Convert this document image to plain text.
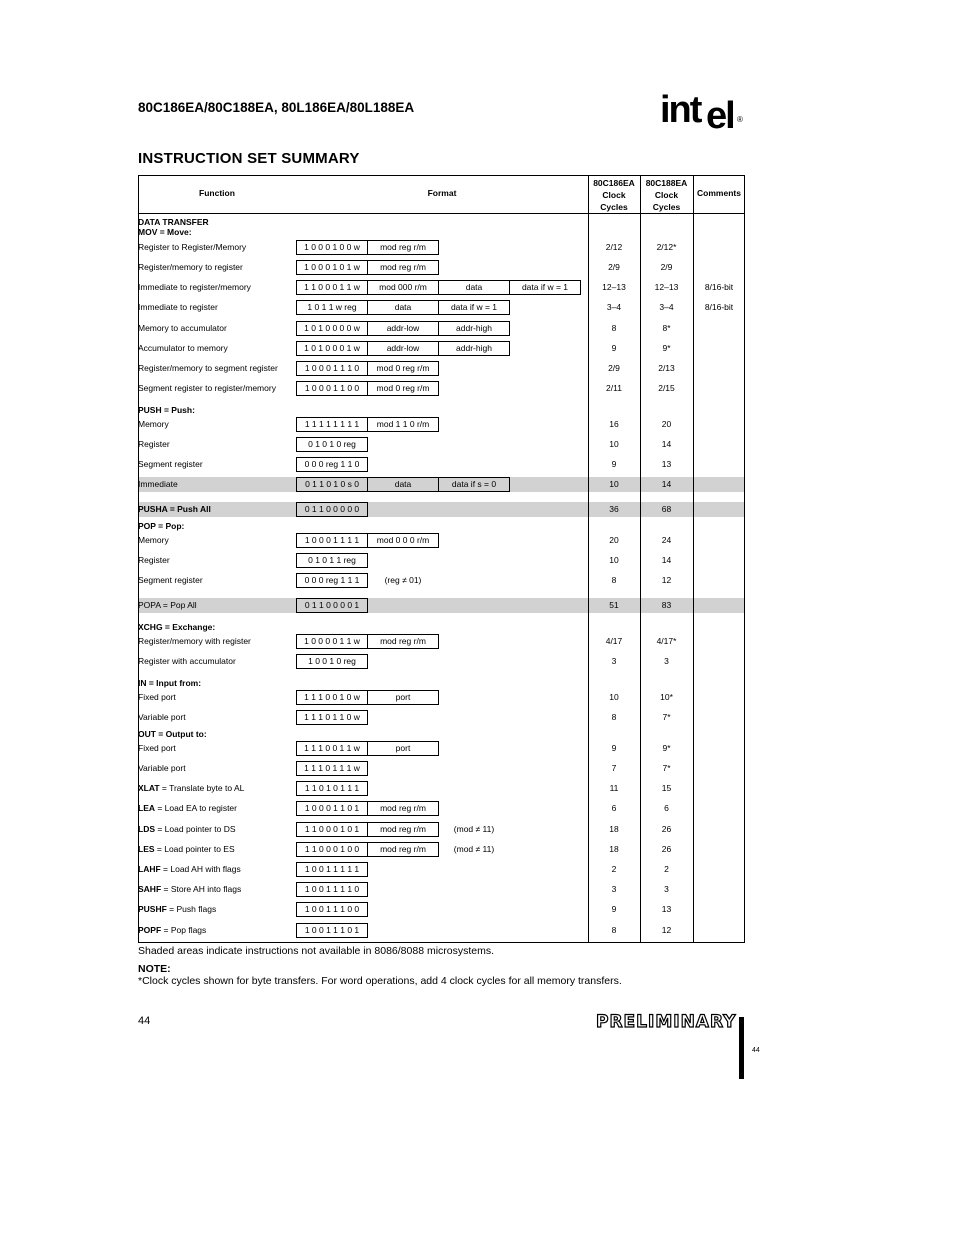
80C186EA/80C188EA, 80L186EA/80L188EA	int el ®
INSTRUCTION SET SUMMARY
Function	Format
80C186EA
Clock
Cycles
80C188EA
Clock
Cycles
Comments
DATA TRANSFER
MOV = Move:
PUSH = Push:
POP = Pop:
XCHG = Exchange:
IN = Input from:
OUT = Output to:
Register to Register/Memory	1 0 0 0 1 0 0 w	mod reg r/m	2/12	2/12*
Register/memory to register	1 0 0 0 1 0 1 w	mod reg r/m	2/9	2/9
Immediate to register/memory	1 1 0 0 0 1 1 w	mod 000 r/m	data	data if w = 1	12–13	12–13	8/16-bit
Immediate to register	1 0 1 1 w reg	data	data if w = 1	3–4	3–4	8/16-bit
Memory to accumulator	1 0 1 0 0 0 0 w	addr-low	addr-high	8	8*
Accumulator to memory	1 0 1 0 0 0 1 w	addr-low	addr-high	9	9*
Register/memory to segment register	1 0 0 0 1 1 1 0	mod 0 reg r/m	2/9	2/13
Segment register to register/memory	1 0 0 0 1 1 0 0	mod 0 reg r/m	2/11	2/15
Memory	1 1 1 1 1 1 1 1	mod 1 1 0 r/m	16	20
Register	0 1 0 1 0 reg	10	14
Segment register	0 0 0 reg 1 1 0	9	13
Immediate	0 1 1 0 1 0 s 0	data	data if s = 0	10	14
PUSHA = Push All	0 1 1 0 0 0 0 0	36	68
Memory	1 0 0 0 1 1 1 1	mod 0 0 0 r/m	20	24
Register	0 1 0 1 1 reg	10	14
Segment register	0 0 0 reg 1 1 1	(reg ≠ 01)	8	12
POPA = Pop All	0 1 1 0 0 0 0 1	51	83
Register/memory with register	1 0 0 0 0 1 1 w	mod reg r/m	4/17	4/17*
Register with accumulator	1 0 0 1 0 reg	3	3
Fixed port	1 1 1 0 0 1 0 w	port	10	10*
Variable port	1 1 1 0 1 1 0 w	8	7*
Fixed port	1 1 1 0 0 1 1 w	port	9	9*
Variable port	1 1 1 0 1 1 1 w	7	7*
XLAT = Translate byte to AL	1 1 0 1 0 1 1 1	11	15
LEA = Load EA to register	1 0 0 0 1 1 0 1	mod reg r/m	6	6
LDS = Load pointer to DS	1 1 0 0 0 1 0 1	mod reg r/m	(mod ≠ 11)	18	26
LES = Load pointer to ES	1 1 0 0 0 1 0 0	mod reg r/m	(mod ≠ 11)	18	26
LAHF = Load AH with flags	1 0 0 1 1 1 1 1	2	2
SAHF = Store AH into flags	1 0 0 1 1 1 1 0	3	3
PUSHF = Push flags	1 0 0 1 1 1 0 0	9	13
POPF = Pop flags	1 0 0 1 1 1 0 1	8	12
Shaded areas indicate instructions not available in 8086/8088 microsystems.
NOTE:
*Clock cycles shown for byte transfers. For word operations, add 4 clock cycles for all memory transfers.
44	PRELIMINARY
44
